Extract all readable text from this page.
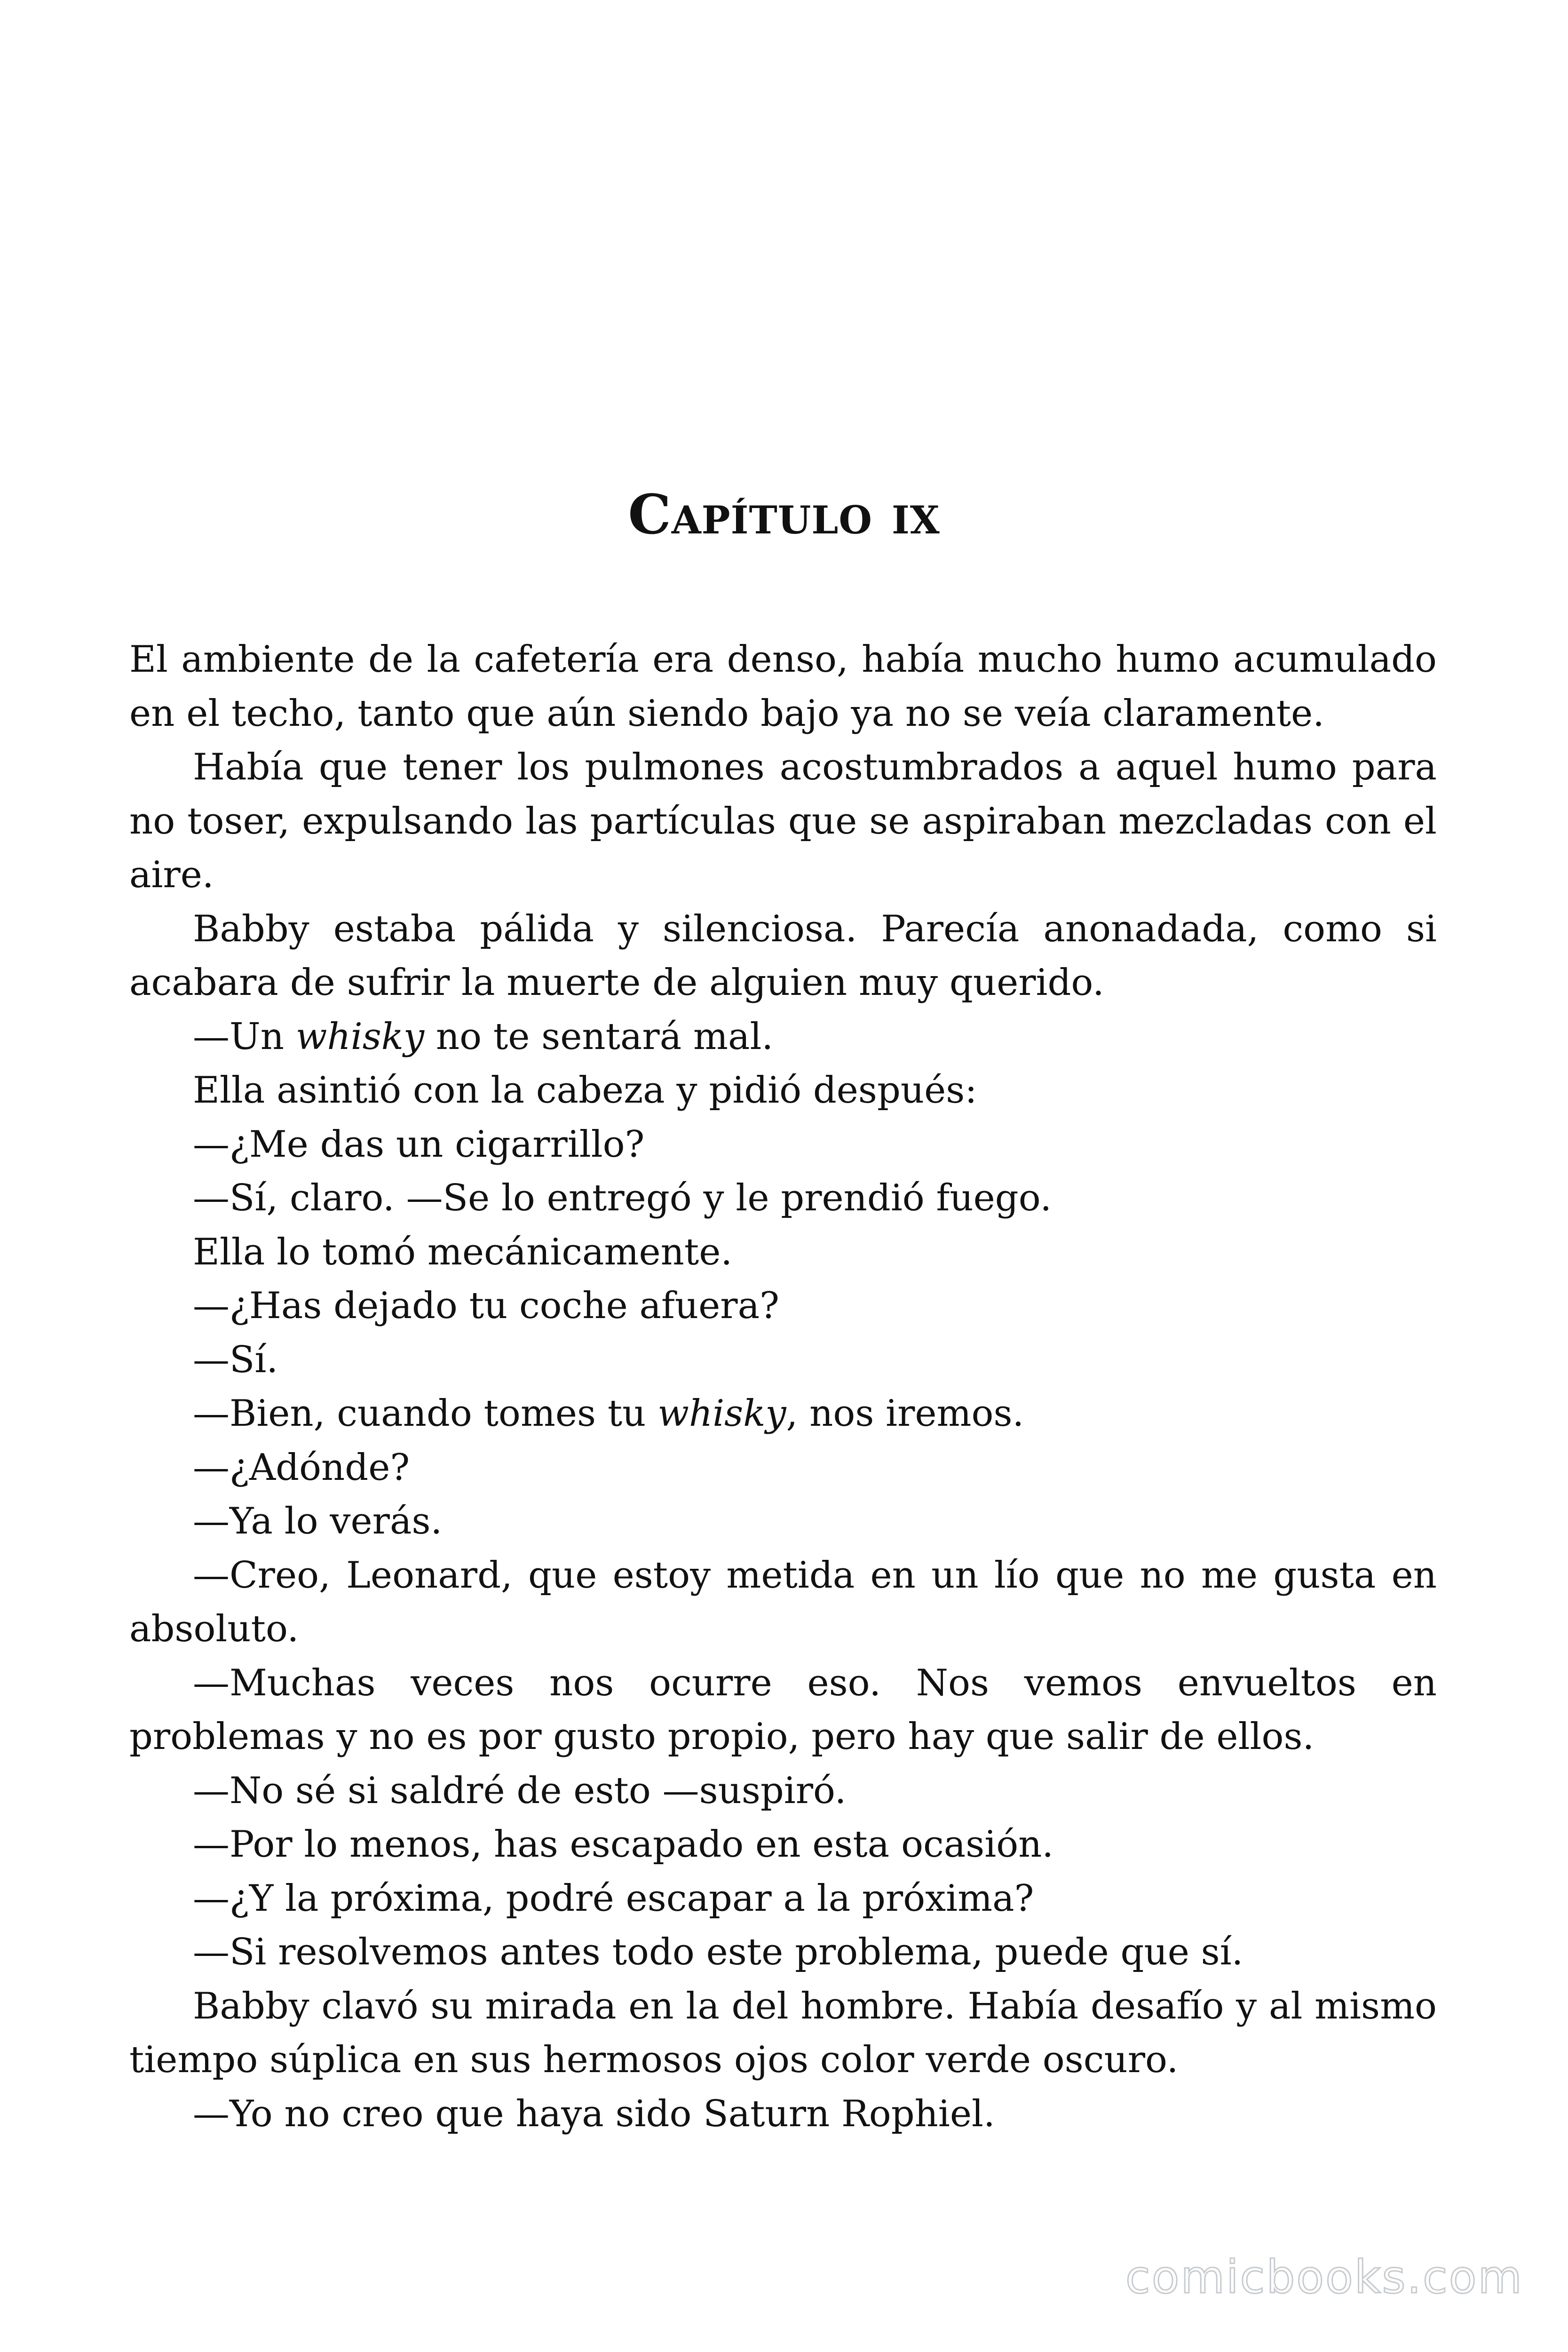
Capítulo ix

El ambiente de la cafetería era denso, había mucho humo acumulado en el techo, tanto que aún siendo bajo ya no se veía claramente.

Había que tener los pulmones acostumbrados a aquel humo para no toser, expulsando las partículas que se aspiraban mezcladas con el aire.

Babby estaba pálida y silenciosa. Parecía anonadada, como si acabara de sufrir la muerte de alguien muy querido.

—Un whisky no te sentará mal.

Ella asintió con la cabeza y pidió después:

—¿Me das un cigarrillo?

—Sí, claro. —Se lo entregó y le prendió fuego.

Ella lo tomó mecánicamente.

—¿Has dejado tu coche afuera?

—Sí.

—Bien, cuando tomes tu whisky, nos iremos.

—¿Adónde?

—Ya lo verás.

—Creo, Leonard, que estoy metida en un lío que no me gusta en absoluto.

—Muchas veces nos ocurre eso. Nos vemos envueltos en problemas y no es por gusto propio, pero hay que salir de ellos.

—No sé si saldré de esto —suspiró.

—Por lo menos, has escapado en esta ocasión.

—¿Y la próxima, podré escapar a la próxima?

—Si resolvemos antes todo este problema, puede que sí.

Babby clavó su mirada en la del hombre. Había desafío y al mismo tiempo súplica en sus hermosos ojos color verde oscuro.

—Yo no creo que haya sido Saturn Rophiel.

comicbooks.com
